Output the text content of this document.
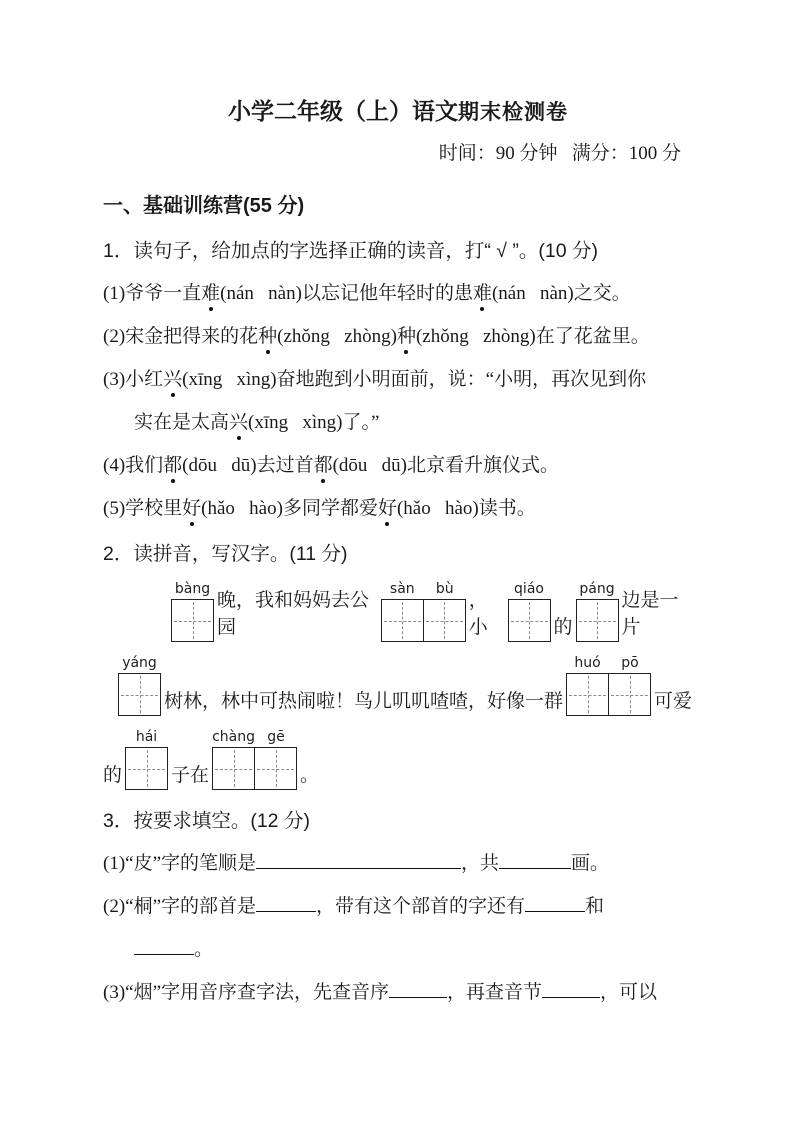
小学二年级（上）语文期末检测卷
时间：90 分钟   满分：100 分
一、基础训练营(55 分)
1．读句子，给加点的字选择正确的读音，打“ √ ”。(10 分)
(1)爷爷一直难(nán   nàn)以忘记他年轻时的患难(nán   nàn)之交。
(2)宋金把得来的花种(zhǒng   zhòng)种(zhǒng   zhòng)在了花盆里。
(3)小红兴(xīng   xìng)奋地跑到小明面前，说：“小明，再次见到你
实在是太高兴(xīng   xìng)了。”
(4)我们都(dōu   dū)去过首都(dōu   dū)北京看升旗仪式。
(5)学校里好(hǎo   hào)多同学都爱好(hǎo   hào)读书。
2．读拼音，写汉字。(11 分)
bàng
晚，我和妈妈去公园
sàn bù
，小
qiáo
的
páng
边是一片
yáng
树林，林中可热闹啦！鸟儿叽叽喳喳，好像一群
huó pō
可爱
的
hái
子在
chàng gē
。
3．按要求填空。(12 分)
(1)“皮”字的笔顺是	，共	画。
(2)“桐”字的部首是	，带有这个部首的字还有	和
。
(3)“烟”字用音序查字法，先查音序	，再查音节	，可以
